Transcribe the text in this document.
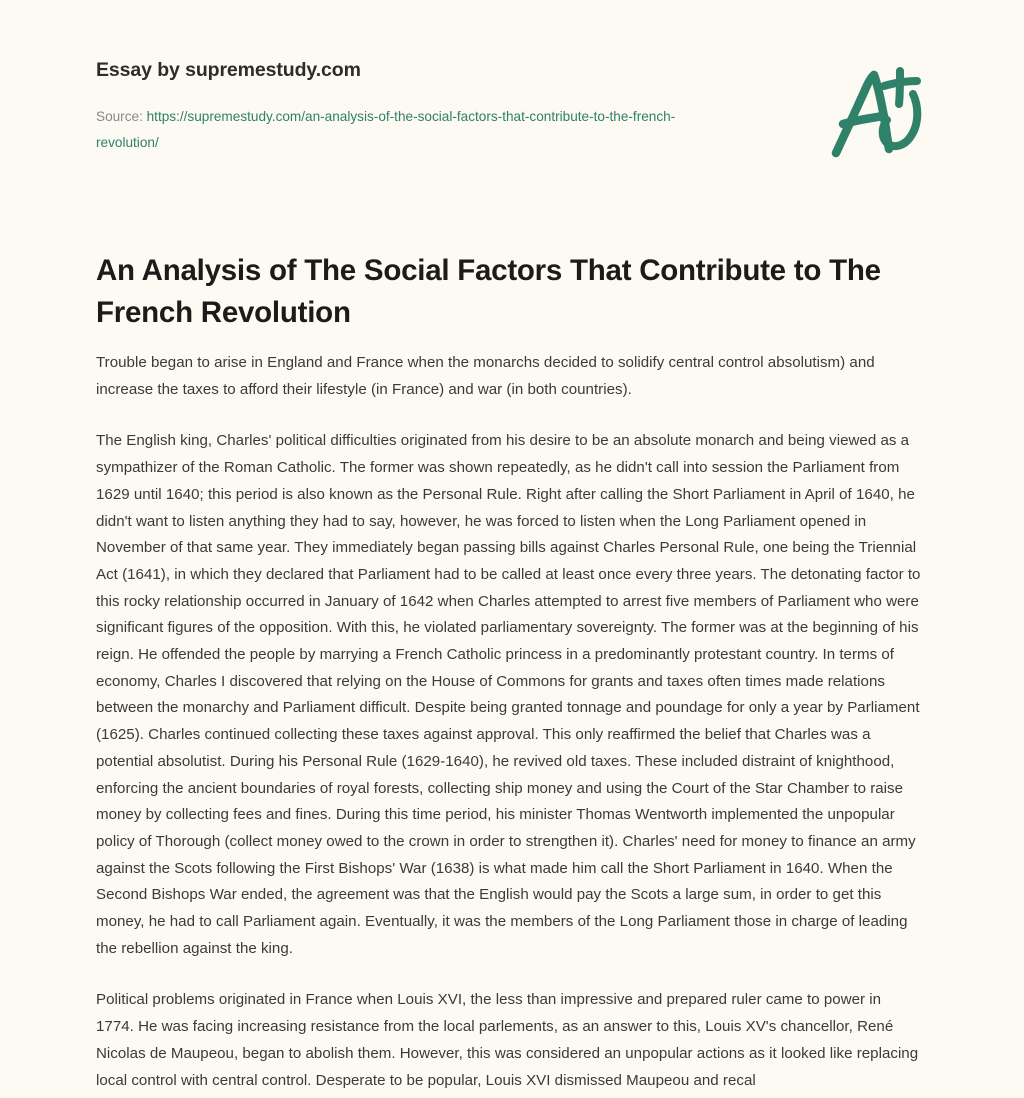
Essay by supremestudy.com

Source: https://supremestudy.com/an-analysis-of-the-social-factors-that-contribute-to-the-french-revolution/

An Analysis of The Social Factors That Contribute to The French Revolution

Trouble began to arise in England and France when the monarchs decided to solidify central control absolutism) and increase the taxes to afford their lifestyle (in France) and war (in both countries).

The English king, Charles' political difficulties originated from his desire to be an absolute monarch and being viewed as a sympathizer of the Roman Catholic. The former was shown repeatedly, as he didn't call into session the Parliament from 1629 until 1640; this period is also known as the Personal Rule. Right after calling the Short Parliament in April of 1640, he didn't want to listen anything they had to say, however, he was forced to listen when the Long Parliament opened in November of that same year. They immediately began passing bills against Charles Personal Rule, one being the Triennial Act (1641), in which they declared that Parliament had to be called at least once every three years. The detonating factor to this rocky relationship occurred in January of 1642 when Charles attempted to arrest five members of Parliament who were significant figures of the opposition. With this, he violated parliamentary sovereignty. The former was at the beginning of his reign. He offended the people by marrying a French Catholic princess in a predominantly protestant country. In terms of economy, Charles I discovered that relying on the House of Commons for grants and taxes often times made relations between the monarchy and Parliament difficult. Despite being granted tonnage and poundage for only a year by Parliament (1625). Charles continued collecting these taxes against approval. This only reaffirmed the belief that Charles was a potential absolutist. During his Personal Rule (1629-1640), he revived old taxes. These included distraint of knighthood, enforcing the ancient boundaries of royal forests, collecting ship money and using the Court of the Star Chamber to raise money by collecting fees and fines. During this time period, his minister Thomas Wentworth implemented the unpopular policy of Thorough (collect money owed to the crown in order to strengthen it). Charles' need for money to finance an army against the Scots following the First Bishops' War (1638) is what made him call the Short Parliament in 1640. When the Second Bishops War ended, the agreement was that the English would pay the Scots a large sum, in order to get this money, he had to call Parliament again. Eventually, it was the members of the Long Parliament those in charge of leading the rebellion against the king.

Political problems originated in France when Louis XVI, the less than impressive and prepared ruler came to power in 1774. He was facing increasing resistance from the local parlements, as an answer to this, Louis XV's chancellor, René Nicolas de Maupeou, began to abolish them. However, this was considered an unpopular actions as it looked like replacing local control with central control. Desperate to be popular, Louis XVI dismissed Maupeou and recal
